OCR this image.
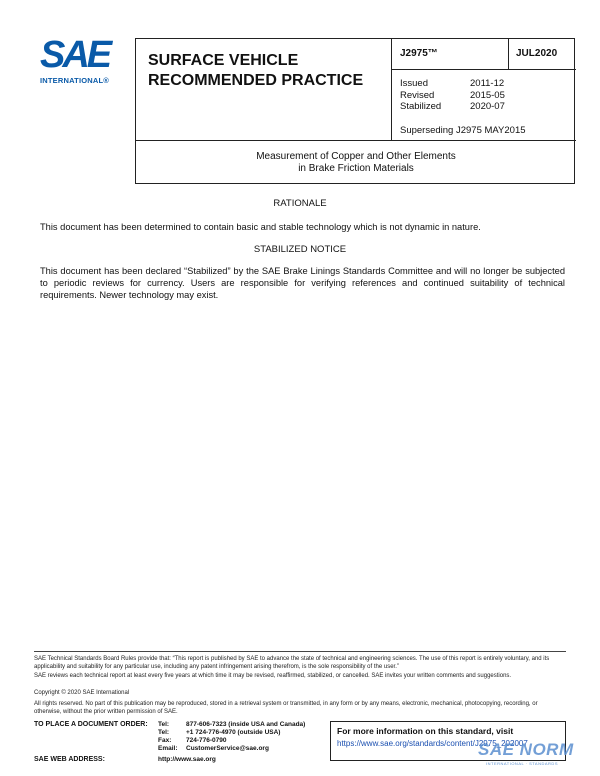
SAE
INTERNATIONAL®
SURFACE VEHICLE
RECOMMENDED PRACTICE
J2975™	JUL2020
Issued	2011-12
Revised	2015-05
Stabilized	2020-07
Superseding J2975 MAY2015
Measurement of Copper and Other Elements
in Brake Friction Materials
RATIONALE
This document has been determined to contain basic and stable technology which is not dynamic in nature.
STABILIZED NOTICE
This document has been declared “Stabilized” by the SAE Brake Linings Standards Committee and will no longer be subjected to periodic reviews for currency. Users are responsible for verifying references and continued suitability of technical requirements. Newer technology may exist.
SAE Technical Standards Board Rules provide that: “This report is published by SAE to advance the state of technical and engineering sciences. The use of this report is entirely voluntary, and its applicability and suitability for any particular use, including any patent infringement arising therefrom, is the sole responsibility of the user.”
SAE reviews each technical report at least every five years at which time it may be revised, reaffirmed, stabilized, or cancelled. SAE invites your written comments and suggestions.
Copyright © 2020 SAE International
All rights reserved. No part of this publication may be reproduced, stored in a retrieval system or transmitted, in any form or by any means, electronic, mechanical, photocopying, recording, or otherwise, without the prior written permission of SAE.
TO PLACE A DOCUMENT ORDER: Tel:	877-606-7323 (inside USA and Canada)
Tel:	+1 724-776-4970 (outside USA)
Fax:	724-776-0790
Email:	CustomerService@sae.org
SAE WEB ADDRESS:	http://www.sae.org
For more information on this standard, visit
https://www.sae.org/standards/content/J2975_202007
SAE NORM
INTERNATIONAL · STANDARDS
